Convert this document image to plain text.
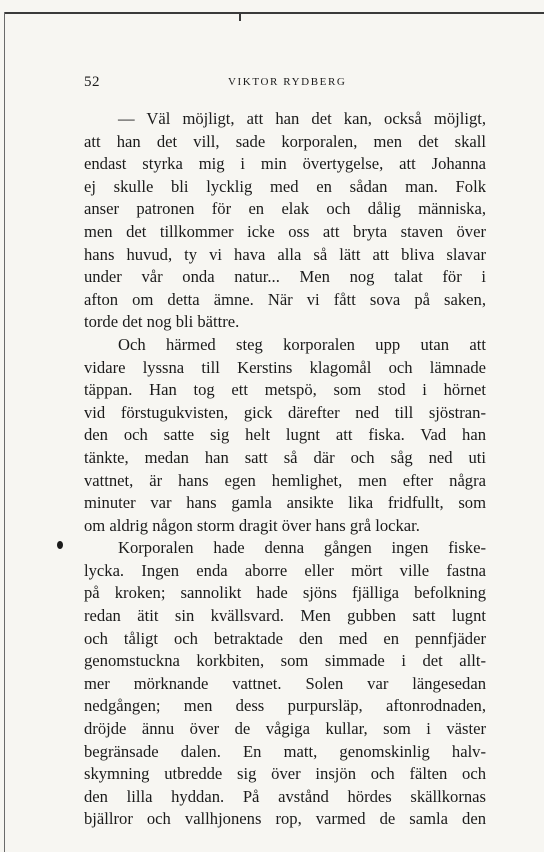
52	VIKTOR RYDBERG
— Väl möjligt, att han det kan, också möjligt,
att han det vill, sade korporalen, men det skall
endast styrka mig i min övertygelse, att Johanna
ej skulle bli lycklig med en sådan man. Folk
anser patronen för en elak och dålig människa,
men det tillkommer icke oss att bryta staven över
hans huvud, ty vi hava alla så lätt att bliva slavar
under vår onda natur... Men nog talat för i
afton om detta ämne. När vi fått sova på saken,
torde det nog bli bättre.
Och härmed steg korporalen upp utan att
vidare lyssna till Kerstins klagomål och lämnade
täppan. Han tog ett metspö, som stod i hörnet
vid förstugukvisten, gick därefter ned till sjöstran-
den och satte sig helt lugnt att fiska. Vad han
tänkte, medan han satt så där och såg ned uti
vattnet, är hans egen hemlighet, men efter några
minuter var hans gamla ansikte lika fridfullt, som
om aldrig någon storm dragit över hans grå lockar.
Korporalen hade denna gången ingen fiske-
lycka. Ingen enda aborre eller mört ville fastna
på kroken; sannolikt hade sjöns fjälliga befolkning
redan ätit sin kvällsvard. Men gubben satt lugnt
och tåligt och betraktade den med en pennfjäder
genomstuckna korkbiten, som simmade i det allt-
mer mörknande vattnet. Solen var längesedan
nedgången; men dess purpursläp, aftonrodnaden,
dröjde ännu över de vågiga kullar, som i väster
begränsade dalen. En matt, genomskinlig halv-
skymning utbredde sig över insjön och fälten och
den lilla hyddan. På avstånd hördes skällkornas
bjällror och vallhjonens rop, varmed de samla den
